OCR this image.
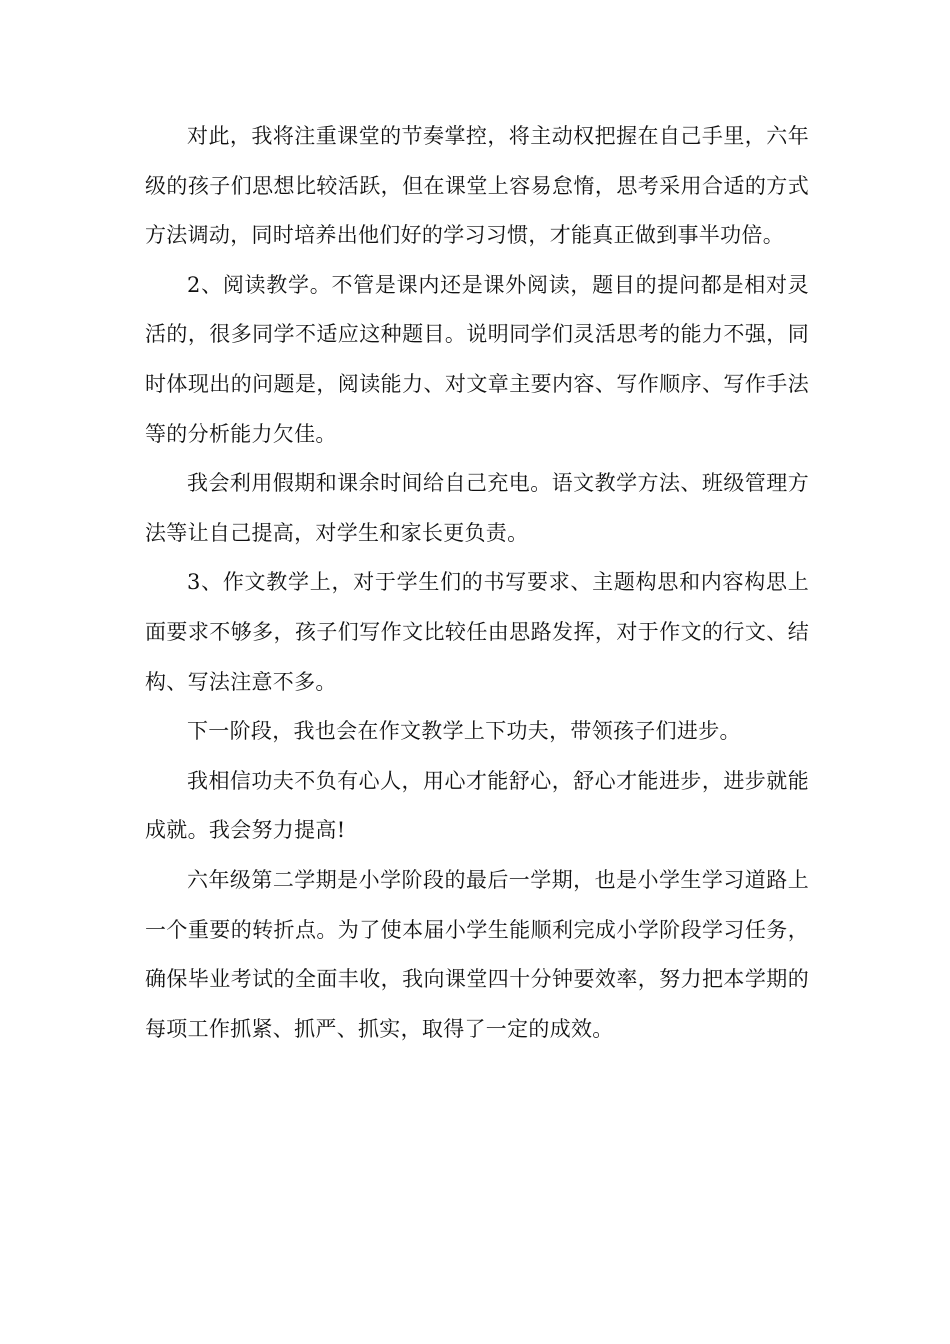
对此，我将注重课堂的节奏掌控，将主动权把握在自己手里，六年级的孩子们思想比较活跃，但在课堂上容易怠惰，思考采用合适的方式方法调动，同时培养出他们好的学习习惯，才能真正做到事半功倍。

2、阅读教学。不管是课内还是课外阅读，题目的提问都是相对灵活的，很多同学不适应这种题目。说明同学们灵活思考的能力不强，同时体现出的问题是，阅读能力、对文章主要内容、写作顺序、写作手法等的分析能力欠佳。

我会利用假期和课余时间给自己充电。语文教学方法、班级管理方法等让自己提高，对学生和家长更负责。

3、作文教学上，对于学生们的书写要求、主题构思和内容构思上面要求不够多，孩子们写作文比较任由思路发挥，对于作文的行文、结构、写法注意不多。

下一阶段，我也会在作文教学上下功夫，带领孩子们进步。

我相信功夫不负有心人，用心才能舒心，舒心才能进步，进步就能成就。我会努力提高!

六年级第二学期是小学阶段的最后一学期，也是小学生学习道路上一个重要的转折点。为了使本届小学生能顺利完成小学阶段学习任务，确保毕业考试的全面丰收，我向课堂四十分钟要效率，努力把本学期的每项工作抓紧、抓严、抓实，取得了一定的成效。
